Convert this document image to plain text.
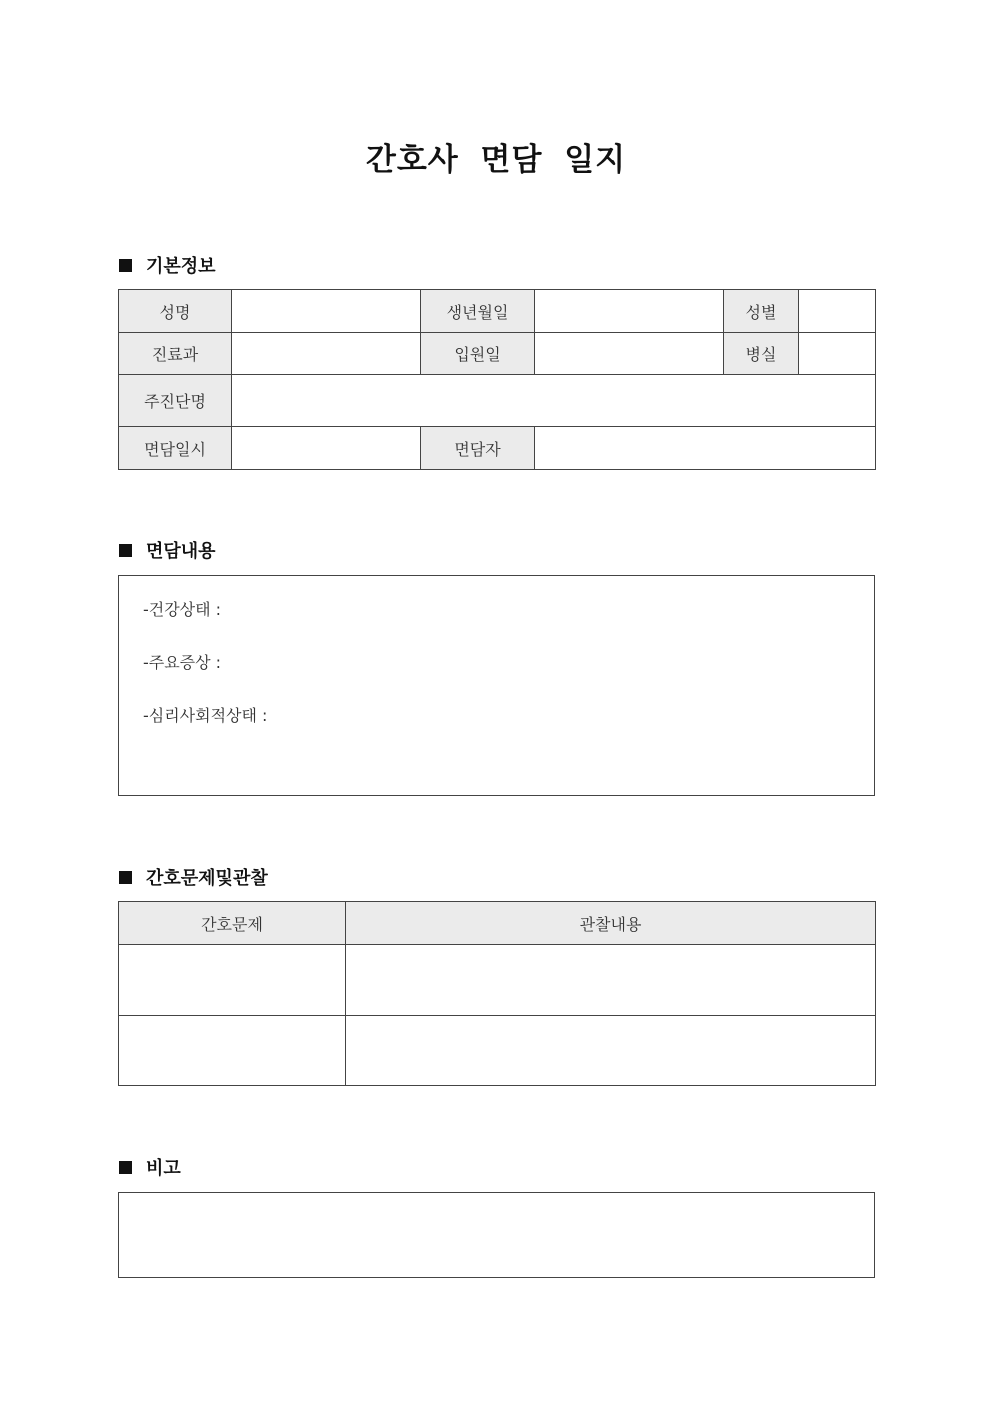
간호사 면담 일지
기본정보
성명		생년월일		성별	
진료과		입원일		병실	
주진단명					
면담일시		면담자			
면담내용

-건강상태 :

-주요증상 :

-심리사회적상태 :

간호문제및관찰
간호문제	관찰내용

비고
